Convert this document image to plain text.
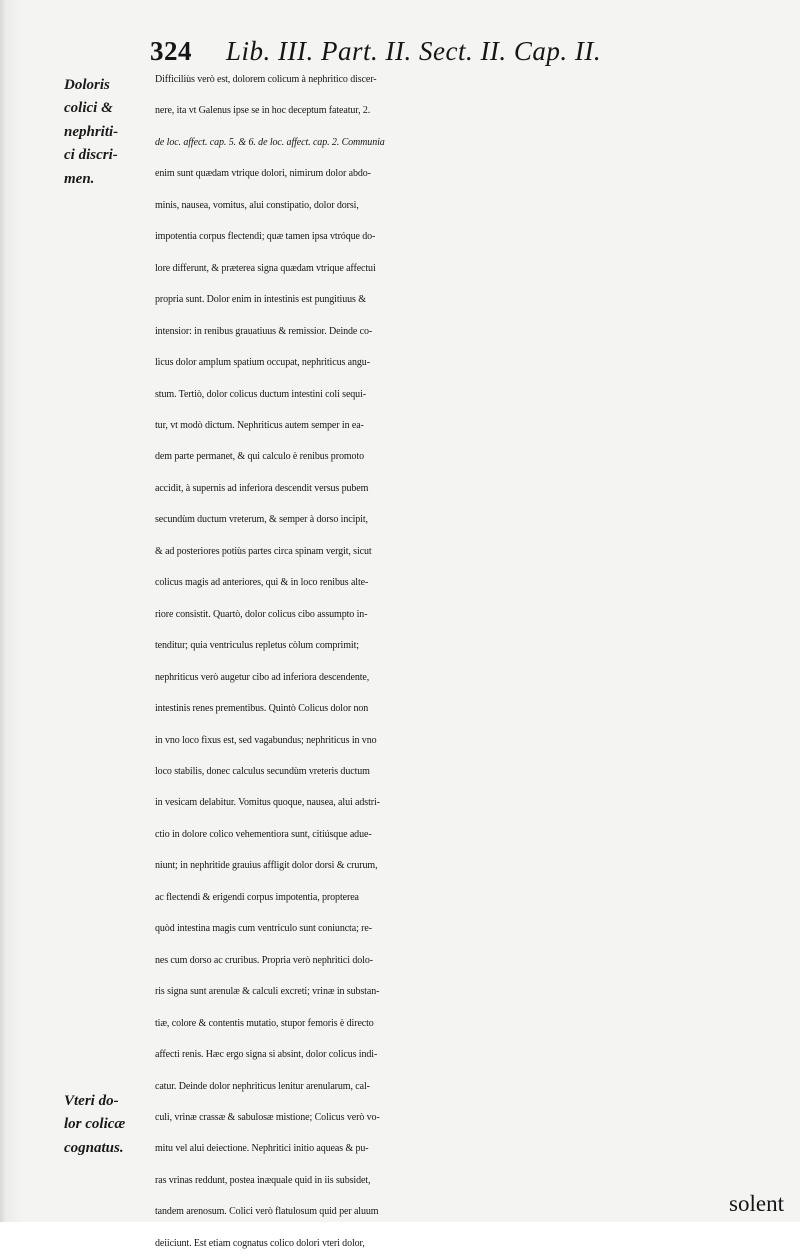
324 Lib. III. Part. II. Sect. II. Cap. II.
Doloris
colici &
nephriti-
ci discri-
men.
Vteri do-
lor colicæ
cognatus.
Difficiliùs verò est, dolorem colicum à nephritico discer-
nere, ita vt Galenus ipse se in hoc deceptum fateatur, 2.
de loc. affect. cap. 5. & 6. de loc. affect. cap. 2. Communia
enim sunt quædam vtrique dolori, nimirum dolor abdo-
minis, nausea, vomitus, alui constipatio, dolor dorsi,
impotentia corpus flectendi; quæ tamen ipsa vtróque do-
lore differunt, & præterea signa quædam vtrique affectui
propria sunt. Dolor enim in intestinis est pungitiuus &
intensior: in renibus grauatiuus & remissior. Deinde co-
licus dolor amplum spatium occupat, nephriticus angu-
stum. Tertiò, dolor colicus ductum intestini coli sequi-
tur, vt modò dictum. Nephriticus autem semper in ea-
dem parte permanet, & qui calculo è renibus promoto
accidit, à supernis ad inferiora descendit versus pubem
secundùm ductum vreterum, & semper à dorso incipit,
& ad posteriores potiùs partes circa spinam vergit, sicut
colicus magis ad anteriores, qui & in loco renibus alte-
riore consistit. Quartò, dolor colicus cibo assumpto in-
tenditur; quia ventriculus repletus còlum comprimit;
nephriticus verò augetur cibo ad inferiora descendente,
intestinis renes prementibus. Quintò Colicus dolor non
in vno loco fixus est, sed vagabundus; nephriticus in vno
loco stabilis, donec calculus secundùm vreteris ductum
in vesicam delabitur. Vomitus quoque, nausea, alui adstri-
ctio in dolore colico vehementiora sunt, citiúsque adue-
niunt; in nephritide grauius affligit dolor dorsi & crurum,
ac flectendi & erigendi corpus impotentia, propterea
quòd intestina magis cum ventriculo sunt coniuncta; re-
nes cum dorso ac cruribus. Propria verò nephritici dolo-
ris signa sunt arenulæ & calculi excreti; vrinæ in substan-
tiæ, colore & contentis mutatio, stupor femoris è directo
affecti renis. Hæc ergo signa si absint, dolor colicus indi-
catur. Deinde dolor nephriticus lenitur arenularum, cal-
culi, vrinæ crassæ & sabulosæ mistione; Colicus verò vo-
mitu vel alui deiectione. Nephritici initio aqueas & pu-
ras vrinas reddunt, postea inæquale quid in iis subsidet,
tandem arenosum. Colici verò flatulosum quid per aluum
deiiciunt. Est etiam cognatus colico dolori vteri dolor,
solent
